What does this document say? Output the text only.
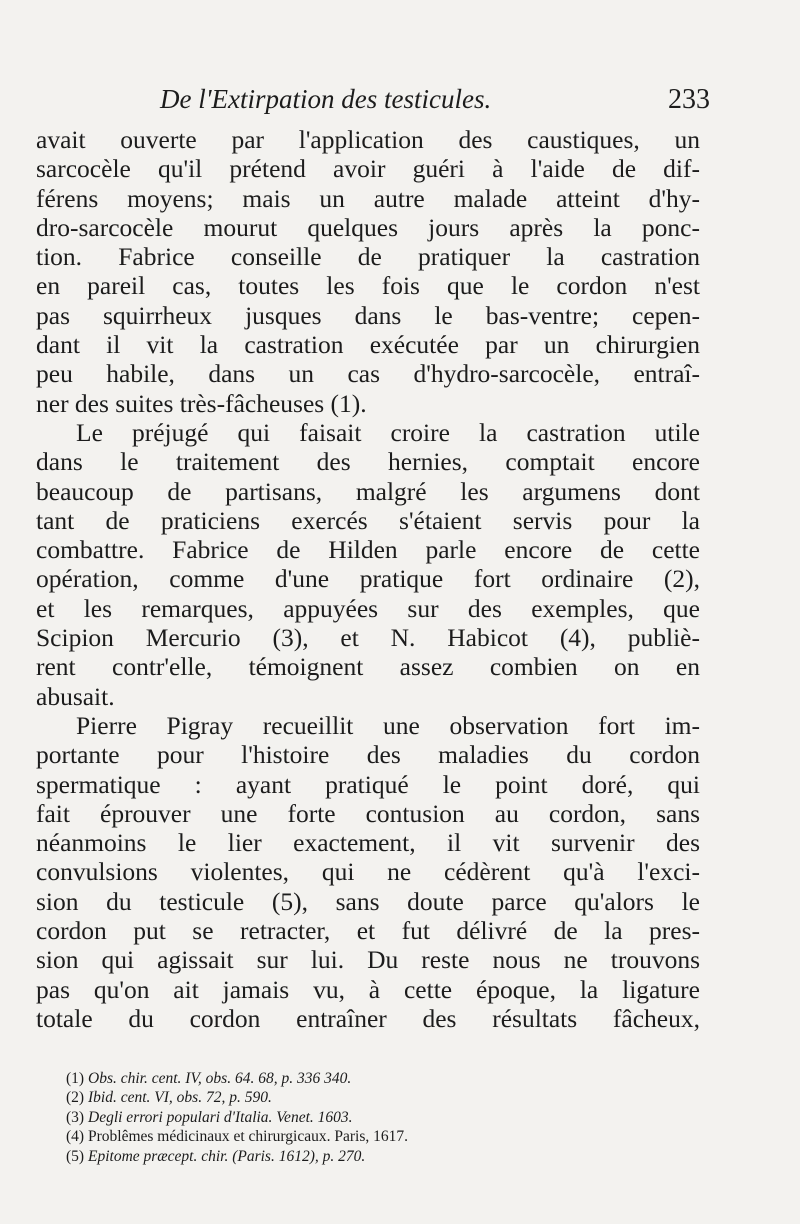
De l'Extirpation des testicules.	233
avait ouverte par l'application des caustiques, un
sarcocèle qu'il prétend avoir guéri à l'aide de dif-
férens moyens; mais un autre malade atteint d'hy-
dro-sarcocèle mourut quelques jours après la ponc-
tion. Fabrice conseille de pratiquer la castration
en pareil cas, toutes les fois que le cordon n'est
pas squirrheux jusques dans le bas-ventre; cepen-
dant il vit la castration exécutée par un chirurgien
peu habile, dans un cas d'hydro-sarcocèle, entraî-
ner des suites très-fâcheuses (1).
Le préjugé qui faisait croire la castration utile
dans le traitement des hernies, comptait encore
beaucoup de partisans, malgré les argumens dont
tant de praticiens exercés s'étaient servis pour la
combattre. Fabrice de Hilden parle encore de cette
opération, comme d'une pratique fort ordinaire (2),
et les remarques, appuyées sur des exemples, que
Scipion Mercurio (3), et N. Habicot (4), publiè-
rent contr'elle, témoignent assez combien on en
abusait.
Pierre Pigray recueillit une observation fort im-
portante pour l'histoire des maladies du cordon
spermatique : ayant pratiqué le point doré, qui
fait éprouver une forte contusion au cordon, sans
néanmoins le lier exactement, il vit survenir des
convulsions violentes, qui ne cédèrent qu'à l'exci-
sion du testicule (5), sans doute parce qu'alors le
cordon put se retracter, et fut délivré de la pres-
sion qui agissait sur lui. Du reste nous ne trouvons
pas qu'on ait jamais vu, à cette époque, la ligature
totale du cordon entraîner des résultats fâcheux,
(1) Obs. chir. cent. IV, obs. 64. 68, p. 336 340.
(2) Ibid. cent. VI, obs. 72, p. 590.
(3) Degli errori populari d'Italia. Venet. 1603.
(4) Problêmes médicinaux et chirurgicaux. Paris, 1617.
(5) Epitome præcept. chir. (Paris. 1612), p. 270.
